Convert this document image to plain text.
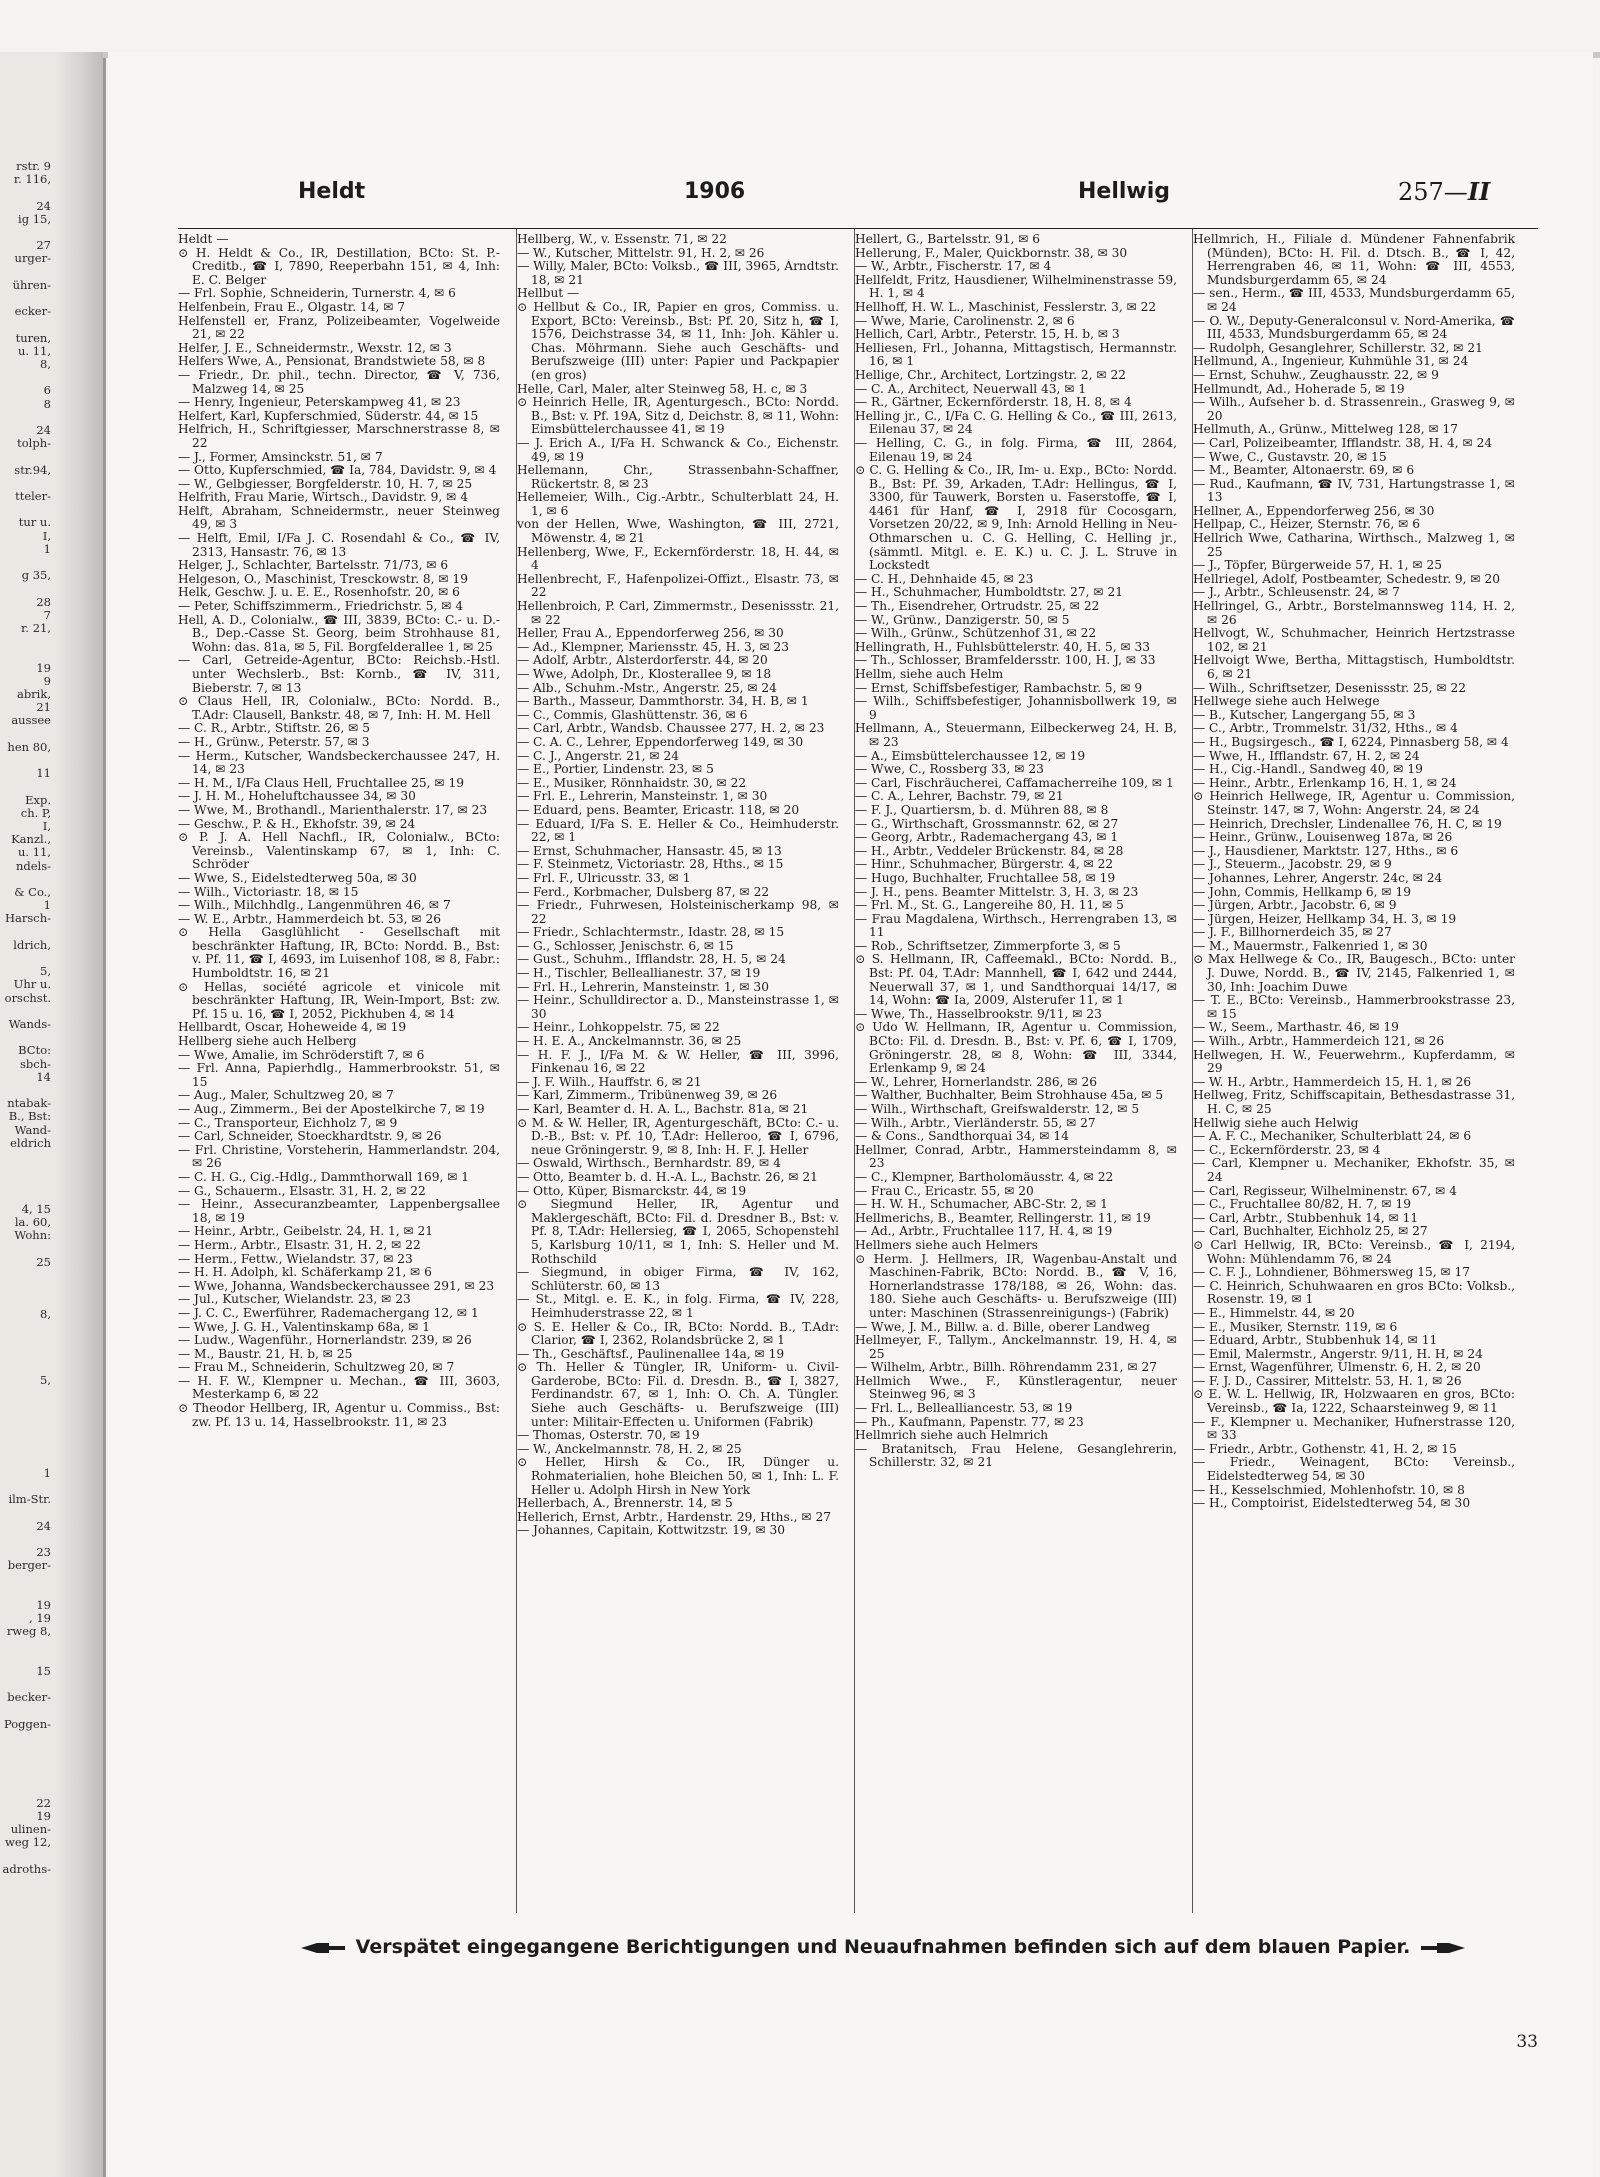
rstr. 9
r. 116,
24
ig 15,
27
urger-
ühren-
ecker-
turen,
u. 11,
8,
6
8
24
tolph-
str.94,
tteler-
tur u.
I,
1
g 35,
28
7
r. 21,
19
9
abrik,
21
aussee
hen 80,
11
Exp.
ch. P,
I,
Kanzl.,
u. 11,
ndels-
& Co.,
1
Harsch-
ldrich,
5,
Uhr u.
orschst.
Wands-
BCto:
sbch-
14
ntabak-
B., Bst:
Wand-
eldrich
4, 15
la. 60,
Wohn:
25
8,
5,
1
ilm-Str.
24
23
berger-
19
, 19
rweg 8,
15
becker-
Poggen-
22
19
ulinen-
weg 12,
adroths-
Heldt	1906	Hellwig	257—II

Heldt —

⊙ H. Heldt & Co., IR, Destillation, BCto: St. P.-Creditb., ☎ I, 7890, Reeperbahn 151, ✉ 4, Inh: E. C. Belger

— Frl. Sophie, Schneiderin, Turnerstr. 4, ✉ 6

Helfenbein, Frau E., Olgastr. 14, ✉ 7

Helfenstell er, Franz, Polizeibeamter, Vogelweide 21, ✉ 22

Helfer, J. E., Schneidermstr., Wexstr. 12, ✉ 3

Helfers Wwe, A., Pensionat, Brandstwiete 58, ✉ 8

— Friedr., Dr. phil., techn. Director, ☎ V, 736, Malzweg 14, ✉ 25

— Henry, Ingenieur, Peterskampweg 41, ✉ 23

Helfert, Karl, Kupferschmied, Süderstr. 44, ✉ 15

Helfrich, H., Schriftgiesser, Marschnerstrasse 8, ✉ 22

— J., Former, Amsinckstr. 51, ✉ 7

— Otto, Kupferschmied, ☎ Ia, 784, Davidstr. 9, ✉ 4

— W., Gelbgiesser, Borgfelderstr. 10, H. 7, ✉ 25

Helfrith, Frau Marie, Wirtsch., Davidstr. 9, ✉ 4

Helft, Abraham, Schneidermstr., neuer Steinweg 49, ✉ 3

— Helft, Emil, I/Fa J. C. Rosendahl & Co., ☎ IV, 2313, Hansastr. 76, ✉ 13

Helger, J., Schlachter, Bartelsstr. 71/73, ✉ 6

Helgeson, O., Maschinist, Tresckowstr. 8, ✉ 19

Helk, Geschw. J. u. E. E., Rosenhofstr. 20, ✉ 6

— Peter, Schiffszimmerm., Friedrichstr. 5, ✉ 4

Hell, A. D., Colonialw., ☎ III, 3839, BCto: C.- u. D.-B., Dep.-Casse St. Georg, beim Strohhause 81, Wohn: das. 81a, ✉ 5, Fil. Borgfelderallee 1, ✉ 25

— Carl, Getreide-Agentur, BCto: Reichsb.-Hstl. unter Wechslerb., Bst: Kornb., ☎ IV, 311, Bieberstr. 7, ✉ 13

⊙ Claus Hell, IR, Colonialw., BCto: Nordd. B., T.Adr: Clausell, Bankstr. 48, ✉ 7, Inh: H. M. Hell

— C. R., Arbtr., Stiftstr. 26, ✉ 5

— H., Grünw., Peterstr. 57, ✉ 3

— Herm., Kutscher, Wandsbeckerchaussee 247, H. 14, ✉ 23

— H. M., I/Fa Claus Hell, Fruchtallee 25, ✉ 19

— J. H. M., Hoheluftchaussee 34, ✉ 30

— Wwe, M., Brothandl., Marienthalerstr. 17, ✉ 23

— Geschw., P. & H., Ekhofstr. 39, ✉ 24

⊙ P. J. A. Hell Nachfl., IR, Colonialw., BCto: Vereinsb., Valentinskamp 67, ✉ 1, Inh: C. Schröder

— Wwe, S., Eidelstedterweg 50a, ✉ 30

— Wilh., Victoriastr. 18, ✉ 15

— Wilh., Milchhdlg., Langenmühren 46, ✉ 7

— W. E., Arbtr., Hammerdeich bt. 53, ✉ 26

⊙ Hella Gasglühlicht - Gesellschaft mit beschränkter Haftung, IR, BCto: Nordd. B., Bst: v. Pf. 11, ☎ I, 4693, im Luisenhof 108, ✉ 8, Fabr.: Humboldtstr. 16, ✉ 21

⊙ Hellas, société agricole et vinicole mit beschränkter Haftung, IR, Wein-Import, Bst: zw. Pf. 15 u. 16, ☎ I, 2052, Pickhuben 4, ✉ 14

Hellbardt, Oscar, Hoheweide 4, ✉ 19

Hellberg siehe auch Helberg

— Wwe, Amalie, im Schröderstift 7, ✉ 6

— Frl. Anna, Papierhdlg., Hammerbrookstr. 51, ✉ 15

— Aug., Maler, Schultzweg 20, ✉ 7

— Aug., Zimmerm., Bei der Apostelkirche 7, ✉ 19

— C., Transporteur, Eichholz 7, ✉ 9

— Carl, Schneider, Stoeckhardtstr. 9, ✉ 26

— Frl. Christine, Vorsteherin, Hammerlandstr. 204, ✉ 26

— C. H. G., Cig.-Hdlg., Dammthorwall 169, ✉ 1

— G., Schauerm., Elsastr. 31, H. 2, ✉ 22

— Heinr., Assecuranzbeamter, Lappenbergsallee 18, ✉ 19

— Heinr., Arbtr., Geibelstr. 24, H. 1, ✉ 21

— Herm., Arbtr., Elsastr. 31, H. 2, ✉ 22

— Herm., Fettw., Wielandstr. 37, ✉ 23

— H. H. Adolph, kl. Schäferkamp 21, ✉ 6

— Wwe, Johanna, Wandsbeckerchaussee 291, ✉ 23

— Jul., Kutscher, Wielandstr. 23, ✉ 23

— J. C. C., Ewerführer, Rademachergang 12, ✉ 1

— Wwe, J. G. H., Valentinskamp 68a, ✉ 1

— Ludw., Wagenführ., Hornerlandstr. 239, ✉ 26

— M., Baustr. 21, H. b, ✉ 25

— Frau M., Schneiderin, Schultzweg 20, ✉ 7

— H. F. W., Klempner u. Mechan., ☎ III, 3603, Mesterkamp 6, ✉ 22

⊙ Theodor Hellberg, IR, Agentur u. Commiss., Bst: zw. Pf. 13 u. 14, Hasselbrookstr. 11, ✉ 23

Hellberg, W., v. Essenstr. 71, ✉ 22

— W., Kutscher, Mittelstr. 91, H. 2, ✉ 26

— Willy, Maler, BCto: Volksb., ☎ III, 3965, Arndtstr. 18, ✉ 21

Hellbut —

⊙ Hellbut & Co., IR, Papier en gros, Commiss. u. Export, BCto: Vereinsb., Bst: Pf. 20, Sitz h, ☎ I, 1576, Deichstrasse 34, ✉ 11, Inh: Joh. Kähler u. Chas. Möhrmann. Siehe auch Geschäfts- und Berufszweige (III) unter: Papier und Packpapier (en gros)

Helle, Carl, Maler, alter Steinweg 58, H. c, ✉ 3

⊙ Heinrich Helle, IR, Agenturgesch., BCto: Nordd. B., Bst: v. Pf. 19A, Sitz d, Deichstr. 8, ✉ 11, Wohn: Eimsbüttelerchaussee 41, ✉ 19

— J. Erich A., I/Fa H. Schwanck & Co., Eichenstr. 49, ✉ 19

Hellemann, Chr., Strassenbahn-Schaffner, Rückertstr. 8, ✉ 23

Hellemeier, Wilh., Cig.-Arbtr., Schulterblatt 24, H. 1, ✉ 6

von der Hellen, Wwe, Washington, ☎ III, 2721, Möwenstr. 4, ✉ 21

Hellenberg, Wwe, F., Eckernförderstr. 18, H. 44, ✉ 4

Hellenbrecht, F., Hafenpolizei-Offizt., Elsastr. 73, ✉ 22

Hellenbroich, P. Carl, Zimmermstr., Desenissstr. 21, ✉ 22

Heller, Frau A., Eppendorferweg 256, ✉ 30

— Ad., Klempner, Mariensstr. 45, H. 3, ✉ 23

— Adolf, Arbtr., Alsterdorferstr. 44, ✉ 20

— Wwe, Adolph, Dr., Klosterallee 9, ✉ 18

— Alb., Schuhm.-Mstr., Angerstr. 25, ✉ 24

— Barth., Masseur, Dammthorstr. 34, H. B, ✉ 1

— C., Commis, Glashüttenstr. 36, ✉ 6

— Carl, Arbtr., Wandsb. Chaussee 277, H. 2, ✉ 23

— C. A. C., Lehrer, Eppendorferweg 149, ✉ 30

— C. J., Angerstr. 21, ✉ 24

— E., Portier, Lindenstr. 23, ✉ 5

— E., Musiker, Rönnhaidstr. 30, ✉ 22

— Frl. E., Lehrerin, Mansteinstr. 1, ✉ 30

— Eduard, pens. Beamter, Ericastr. 118, ✉ 20

— Eduard, I/Fa S. E. Heller & Co., Heimhuderstr. 22, ✉ 1

— Ernst, Schuhmacher, Hansastr. 45, ✉ 13

— F. Steinmetz, Victoriastr. 28, Hths., ✉ 15

— Frl. F., Ulricusstr. 33, ✉ 1

— Ferd., Korbmacher, Dulsberg 87, ✉ 22

— Friedr., Fuhrwesen, Holsteinischerkamp 98, ✉ 22

— Friedr., Schlachtermstr., Idastr. 28, ✉ 15

— G., Schlosser, Jenischstr. 6, ✉ 15

— Gust., Schuhm., Ifflandstr. 28, H. 5, ✉ 24

— H., Tischler, Belleallianestr. 37, ✉ 19

— Frl. H., Lehrerin, Mansteinstr. 1, ✉ 30

— Heinr., Schulldirector a. D., Mansteinstrasse 1, ✉ 30

— Heinr., Lohkoppelstr. 75, ✉ 22

— H. E. A., Anckelmannstr. 36, ✉ 25

— H. F. J., I/Fa M. & W. Heller, ☎ III, 3996, Finkenau 16, ✉ 22

— J. F. Wilh., Hauffstr. 6, ✉ 21

— Karl, Zimmerm., Tribünenweg 39, ✉ 26

— Karl, Beamter d. H. A. L., Bachstr. 81a, ✉ 21

⊙ M. & W. Heller, IR, Agenturgeschäft, BCto: C.- u. D.-B., Bst: v. Pf. 10, T.Adr: Helleroo, ☎ I, 6796, neue Gröningerstr. 9, ✉ 8, Inh: H. F. J. Heller

— Oswald, Wirthsch., Bernhardstr. 89, ✉ 4

— Otto, Beamter b. d. H.-A. L., Bachstr. 26, ✉ 21

— Otto, Küper, Bismarckstr. 44, ✉ 19

⊙ Siegmund Heller, IR, Agentur und Maklergeschäft, BCto: Fil. d. Dresdner B., Bst: v. Pf. 8, T.Adr: Hellersieg, ☎ I, 2065, Schopenstehl 5, Karlsburg 10/11, ✉ 1, Inh: S. Heller und M. Rothschild

— Siegmund, in obiger Firma, ☎ IV, 162, Schlüterstr. 60, ✉ 13

— St., Mitgl. e. E. K., in folg. Firma, ☎ IV, 228, Heimhuderstrasse 22, ✉ 1

⊙ S. E. Heller & Co., IR, BCto: Nordd. B., T.Adr: Clarior, ☎ I, 2362, Rolandsbrücke 2, ✉ 1

— Th., Geschäftsf., Paulinenallee 14a, ✉ 19

⊙ Th. Heller & Tüngler, IR, Uniform- u. Civil-Garderobe, BCto: Fil. d. Dresdn. B., ☎ I, 3827, Ferdinandstr. 67, ✉ 1, Inh: O. Ch. A. Tüngler. Siehe auch Geschäfts- u. Berufszweige (III) unter: Militair-Effecten u. Uniformen (Fabrik)

— Thomas, Osterstr. 70, ✉ 19

— W., Anckelmannstr. 78, H. 2, ✉ 25

⊙ Heller, Hirsh & Co., IR, Dünger u. Rohmaterialien, hohe Bleichen 50, ✉ 1, Inh: L. F. Heller u. Adolph Hirsh in New York

Hellerbach, A., Brennerstr. 14, ✉ 5

Hellerich, Ernst, Arbtr., Hardenstr. 29, Hths., ✉ 27

— Johannes, Capitain, Kottwitzstr. 19, ✉ 30

Hellert, G., Bartelsstr. 91, ✉ 6

Hellerung, F., Maler, Quickbornstr. 38, ✉ 30

— W., Arbtr., Fischerstr. 17, ✉ 4

Hellfeldt, Fritz, Hausdiener, Wilhelminenstrasse 59, H. 1, ✉ 4

Hellhoff, H. W. L., Maschinist, Fesslerstr. 3, ✉ 22

— Wwe, Marie, Carolinenstr. 2, ✉ 6

Hellich, Carl, Arbtr., Peterstr. 15, H. b, ✉ 3

Helliesen, Frl., Johanna, Mittagstisch, Hermannstr. 16, ✉ 1

Hellige, Chr., Architect, Lortzingstr. 2, ✉ 22

— C. A., Architect, Neuerwall 43, ✉ 1

— R., Gärtner, Eckernförderstr. 18, H. 8, ✉ 4

Helling jr., C., I/Fa C. G. Helling & Co., ☎ III, 2613, Eilenau 37, ✉ 24

— Helling, C. G., in folg. Firma, ☎ III, 2864, Eilenau 19, ✉ 24

⊙ C. G. Helling & Co., IR, Im- u. Exp., BCto: Nordd. B., Bst: Pf. 39, Arkaden, T.Adr: Hellingus, ☎ I, 3300, für Tauwerk, Borsten u. Faserstoffe, ☎ I, 4461 für Hanf, ☎ I, 2918 für Cocosgarn, Vorsetzen 20/22, ✉ 9, Inh: Arnold Helling in Neu-Othmarschen u. C. G. Helling, C. Helling jr., (sämmtl. Mitgl. e. E. K.) u. C. J. L. Struve in Lockstedt

— C. H., Dehnhaide 45, ✉ 23

— H., Schuhmacher, Humboldtstr. 27, ✉ 21

— Th., Eisendreher, Ortrudstr. 25, ✉ 22

— W., Grünw., Danzigerstr. 50, ✉ 5

— Wilh., Grünw., Schützenhof 31, ✉ 22

Hellingrath, H., Fuhlsbüttelerstr. 40, H. 5, ✉ 33

— Th., Schlosser, Bramfeldersstr. 100, H. J, ✉ 33

Hellm, siehe auch Helm

— Ernst, Schiffsbefestiger, Rambachstr. 5, ✉ 9

— Wilh., Schiffsbefestiger, Johannisbollwerk 19, ✉ 9

Hellmann, A., Steuermann, Eilbeckerweg 24, H. B, ✉ 23

— A., Eimsbüttelerchaussee 12, ✉ 19

— Wwe, C., Rossberg 33, ✉ 23

— Carl, Fischräucherei, Caffamacherreihe 109, ✉ 1

— C. A., Lehrer, Bachstr. 79, ✉ 21

— F. J., Quartiersm, b. d. Mühren 88, ✉ 8

— G., Wirthschaft, Grossmannstr. 62, ✉ 27

— Georg, Arbtr., Rademachergang 43, ✉ 1

— H., Arbtr., Veddeler Brückenstr. 84, ✉ 28

— Hinr., Schuhmacher, Bürgerstr. 4, ✉ 22

— Hugo, Buchhalter, Fruchtallee 58, ✉ 19

— J. H., pens. Beamter Mittelstr. 3, H. 3, ✉ 23

— Frl. M., St. G., Langereihe 80, H. 11, ✉ 5

— Frau Magdalena, Wirthsch., Herrengraben 13, ✉ 11

— Rob., Schriftsetzer, Zimmerpforte 3, ✉ 5

⊙ S. Hellmann, IR, Caffeemakl., BCto: Nordd. B., Bst: Pf. 04, T.Adr: Mannhell, ☎ I, 642 und 2444, Neuerwall 37, ✉ 1, und Sandthorquai 14/17, ✉ 14, Wohn: ☎ Ia, 2009, Alsterufer 11, ✉ 1

— Wwe, Th., Hasselbrookstr. 9/11, ✉ 23

⊙ Udo W. Hellmann, IR, Agentur u. Commission, BCto: Fil. d. Dresdn. B., Bst: v. Pf. 6, ☎ I, 1709, Gröningerstr. 28, ✉ 8, Wohn: ☎ III, 3344, Erlenkamp 9, ✉ 24

— W., Lehrer, Hornerlandstr. 286, ✉ 26

— Walther, Buchhalter, Beim Strohhause 45a, ✉ 5

— Wilh., Wirthschaft, Greifswalderstr. 12, ✉ 5

— Wilh., Arbtr., Vierländerstr. 55, ✉ 27

— & Cons., Sandthorquai 34, ✉ 14

Hellmer, Conrad, Arbtr., Hammersteindamm 8, ✉ 23

— C., Klempner, Bartholomäusstr. 4, ✉ 22

— Frau C., Ericastr. 55, ✉ 20

— H. W. H., Schumacher, ABC-Str. 2, ✉ 1

Hellmerichs, B., Beamter, Rellingerstr. 11, ✉ 19

— Ad., Arbtr., Fruchtallee 117, H. 4, ✉ 19

Hellmers siehe auch Helmers

⊙ Herm. J. Hellmers, IR, Wagenbau-Anstalt und Maschinen-Fabrik, BCto: Nordd. B., ☎ V, 16, Hornerlandstrasse 178/188, ✉ 26, Wohn: das. 180. Siehe auch Geschäfts- u. Berufszweige (III) unter: Maschinen (Strassenreinigungs-) (Fabrik)

— Wwe, J. M., Billw. a. d. Bille, oberer Landweg

Hellmeyer, F., Tallym., Anckelmannstr. 19, H. 4, ✉ 25

— Wilhelm, Arbtr., Billh. Röhrendamm 231, ✉ 27

Hellmich Wwe., F., Künstleragentur, neuer Steinweg 96, ✉ 3

— Frl. L., Bellealliancestr. 53, ✉ 19

— Ph., Kaufmann, Papenstr. 77, ✉ 23

Hellmrich siehe auch Helmrich

— Bratanitsch, Frau Helene, Gesanglehrerin, Schillerstr. 32, ✉ 21

Hellmrich, H., Filiale d. Mündener Fahnenfabrik (Münden), BCto: H. Fil. d. Dtsch. B., ☎ I, 42, Herrengraben 46, ✉ 11, Wohn: ☎ III, 4553, Mundsburgerdamm 65, ✉ 24

— sen., Herm., ☎ III, 4533, Mundsburgerdamm 65, ✉ 24

— O. W., Deputy-Generalconsul v. Nord-Amerika, ☎ III, 4533, Mundsburgerdamm 65, ✉ 24

— Rudolph, Gesanglehrer, Schillerstr. 32, ✉ 21

Hellmund, A., Ingenieur, Kuhmühle 31, ✉ 24

— Ernst, Schuhw., Zeughausstr. 22, ✉ 9

Hellmundt, Ad., Hoherade 5, ✉ 19

— Wilh., Aufseher b. d. Strassenrein., Grasweg 9, ✉ 20

Hellmuth, A., Grünw., Mittelweg 128, ✉ 17

— Carl, Polizeibeamter, Ifflandstr. 38, H. 4, ✉ 24

— Wwe, C., Gustavstr. 20, ✉ 15

— M., Beamter, Altonaerstr. 69, ✉ 6

— Rud., Kaufmann, ☎ IV, 731, Hartungstrasse 1, ✉ 13

Hellner, A., Eppendorferweg 256, ✉ 30

Hellpap, C., Heizer, Sternstr. 76, ✉ 6

Hellrich Wwe, Catharina, Wirthsch., Malzweg 1, ✉ 25

— J., Töpfer, Bürgerweide 57, H. 1, ✉ 25

Hellriegel, Adolf, Postbeamter, Schedestr. 9, ✉ 20

— J., Arbtr., Schleusenstr. 24, ✉ 7

Hellringel, G., Arbtr., Borstelmannsweg 114, H. 2, ✉ 26

Hellvogt, W., Schuhmacher, Heinrich Hertzstrasse 102, ✉ 21

Hellvoigt Wwe, Bertha, Mittagstisch, Humboldtstr. 6, ✉ 21

— Wilh., Schriftsetzer, Desenissstr. 25, ✉ 22

Hellwege siehe auch Helwege

— B., Kutscher, Langergang 55, ✉ 3

— C., Arbtr., Trommelstr. 31/32, Hths., ✉ 4

— H., Bugsirgesch., ☎ I, 6224, Pinnasberg 58, ✉ 4

— Wwe, H., Ifflandstr. 67, H. 2, ✉ 24

— H., Cig.-Handl., Sandweg 40, ✉ 19

— Heinr., Arbtr., Erlenkamp 16, H. 1, ✉ 24

⊙ Heinrich Hellwege, IR, Agentur u. Commission, Steinstr. 147, ✉ 7, Wohn: Angerstr. 24, ✉ 24

— Heinrich, Drechsler, Lindenallee 76, H. C, ✉ 19

— Heinr., Grünw., Louisenweg 187a, ✉ 26

— J., Hausdiener, Marktstr. 127, Hths., ✉ 6

— J., Steuerm., Jacobstr. 29, ✉ 9

— Johannes, Lehrer, Angerstr. 24c, ✉ 24

— John, Commis, Hellkamp 6, ✉ 19

— Jürgen, Arbtr., Jacobstr. 6, ✉ 9

— Jürgen, Heizer, Hellkamp 34, H. 3, ✉ 19

— J. F., Billhornerdeich 35, ✉ 27

— M., Mauermstr., Falkenried 1, ✉ 30

⊙ Max Hellwege & Co., IR, Baugesch., BCto: unter J. Duwe, Nordd. B., ☎ IV, 2145, Falkenried 1, ✉ 30, Inh: Joachim Duwe

— T. E., BCto: Vereinsb., Hammerbrookstrasse 23, ✉ 15

— W., Seem., Marthastr. 46, ✉ 19

— Wilh., Arbtr., Hammerdeich 121, ✉ 26

Hellwegen, H. W., Feuerwehrm., Kupferdamm, ✉ 29

— W. H., Arbtr., Hammerdeich 15, H. 1, ✉ 26

Hellweg, Fritz, Schiffscapitain, Bethesdastrasse 31, H. C, ✉ 25

Hellwig siehe auch Helwig

— A. F. C., Mechaniker, Schulterblatt 24, ✉ 6

— C., Eckernförderstr. 23, ✉ 4

— Carl, Klempner u. Mechaniker, Ekhofstr. 35, ✉ 24

— Carl, Regisseur, Wilhelminenstr. 67, ✉ 4

— C., Fruchtallee 80/82, H. 7, ✉ 19

— Carl, Arbtr., Stubbenhuk 14, ✉ 11

— Carl, Buchhalter, Eichholz 25, ✉ 27

⊙ Carl Hellwig, IR, BCto: Vereinsb., ☎ I, 2194, Wohn: Mühlendamm 76, ✉ 24

— C. F. J., Lohndiener, Böhmersweg 15, ✉ 17

— C. Heinrich, Schuhwaaren en gros BCto: Volksb., Rosenstr. 19, ✉ 1

— E., Himmelstr. 44, ✉ 20

— E., Musiker, Sternstr. 119, ✉ 6

— Eduard, Arbtr., Stubbenhuk 14, ✉ 11

— Emil, Malermstr., Angerstr. 9/11, H. H, ✉ 24

— Ernst, Wagenführer, Ulmenstr. 6, H. 2, ✉ 20

— F. J. D., Cassirer, Mittelstr. 53, H. 1, ✉ 26

⊙ E. W. L. Hellwig, IR, Holzwaaren en gros, BCto: Vereinsb., ☎ Ia, 1222, Schaarsteinweg 9, ✉ 11

— F., Klempner u. Mechaniker, Hufnerstrasse 120, ✉ 33

— Friedr., Arbtr., Gothenstr. 41, H. 2, ✉ 15

— Friedr., Weinagent, BCto: Vereinsb., Eidelstedterweg 54, ✉ 30

— H., Kesselschmied, Mohlenhofstr. 10, ✉ 8

— H., Comptoirist, Eidelstedterweg 54, ✉ 30

Verspätet eingegangene Berichtigungen und Neuaufnahmen befinden sich auf dem blauen Papier.
33
